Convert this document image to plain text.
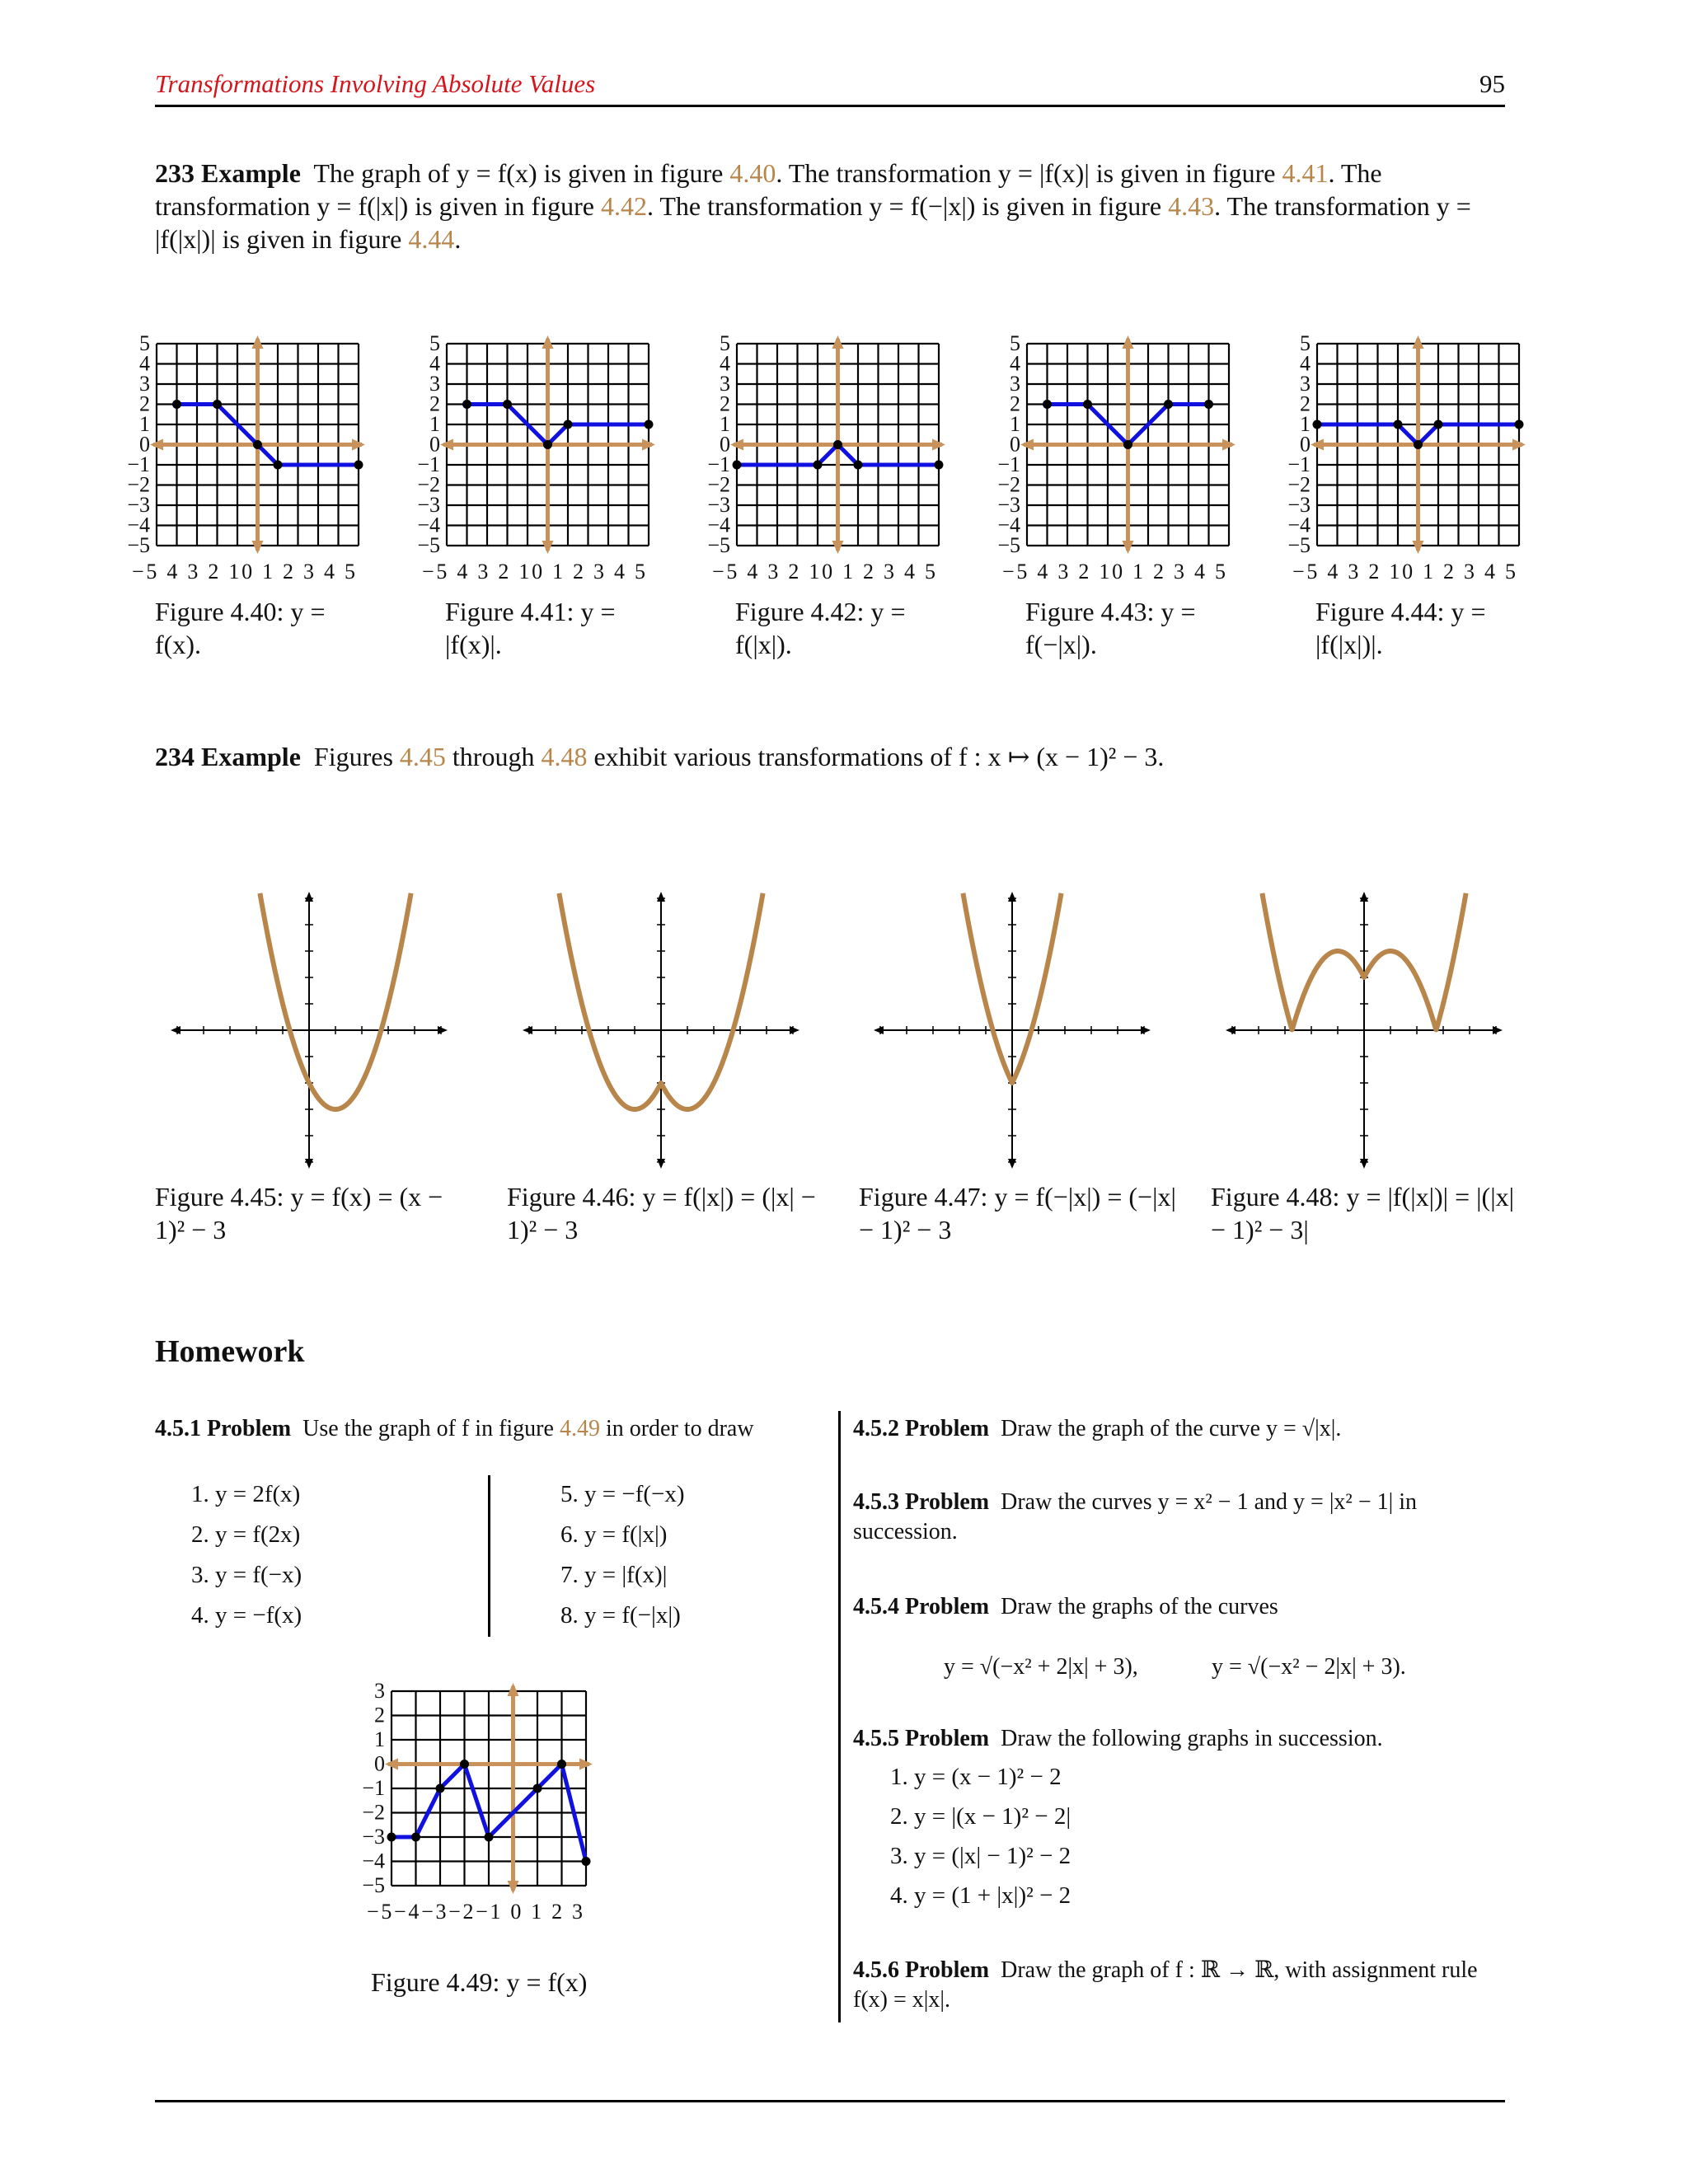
Transformations Involving Absolute Values	95
233 Example The graph of y = f(x) is given in figure 4.40. The transformation y = |f(x)| is given in figure 4.41. The transformation y = f(|x|) is given in figure 4.42. The transformation y = f(−|x|) is given in figure 4.43. The transformation y = |f(|x|)| is given in figure 4.44.
5
4
3
2
1
0
−1
−2
−3
−4
−5
−5 4 3 2 10 1 2 3 4 5
5
4
3
2
1
0
−1
−2
−3
−4
−5
−5 4 3 2 10 1 2 3 4 5
5
4
3
2
1
0
−1
−2
−3
−4
−5
−5 4 3 2 10 1 2 3 4 5
5
4
3
2
1
0
−1
−2
−3
−4
−5
−5 4 3 2 10 1 2 3 4 5
5
4
3
2
1
0
−1
−2
−3
−4
−5
−5 4 3 2 10 1 2 3 4 5
Figure 4.40: y = f(x).
Figure 4.41: y = |f(x)|.
Figure 4.42: y = f(|x|).
Figure 4.43: y = f(−|x|).
Figure 4.44: y = |f(|x|)|.
234 Example Figures 4.45 through 4.48 exhibit various transformations of f : x ↦ (x − 1)² − 3.
Figure 4.45: y = f(x) = (x − 1)² − 3
Figure 4.46: y = f(|x|) = (|x| − 1)² − 3
Figure 4.47: y = f(−|x|) = (−|x| − 1)² − 3
Figure 4.48: y = |f(|x|)| = |(|x| − 1)² − 3|
Homework
4.5.1 Problem Use the graph of f in figure 4.49 in order to draw
1. y = 2f(x)
2. y = f(2x)
3. y = f(−x)
4. y = −f(x)
5. y = −f(−x)
6. y = f(|x|)
7. y = |f(x)|
8. y = f(−|x|)
3
2
1
0
−1
−2
−3
−4
−5
−5−4−3−2−1 0 1 2 3
Figure 4.49: y = f(x)
4.5.2 Problem Draw the graph of the curve y = √|x|.
4.5.3 Problem Draw the curves y = x² − 1 and y = |x² − 1| in succession.
4.5.4 Problem Draw the graphs of the curves
y = √(−x² + 2|x| + 3),	y = √(−x² − 2|x| + 3).
4.5.5 Problem Draw the following graphs in succession.
1. y = (x − 1)² − 2
2. y = |(x − 1)² − 2|
3. y = (|x| − 1)² − 2
4. y = (1 + |x|)² − 2
4.5.6 Problem Draw the graph of f : ℝ → ℝ, with assignment rule f(x) = x|x|.
